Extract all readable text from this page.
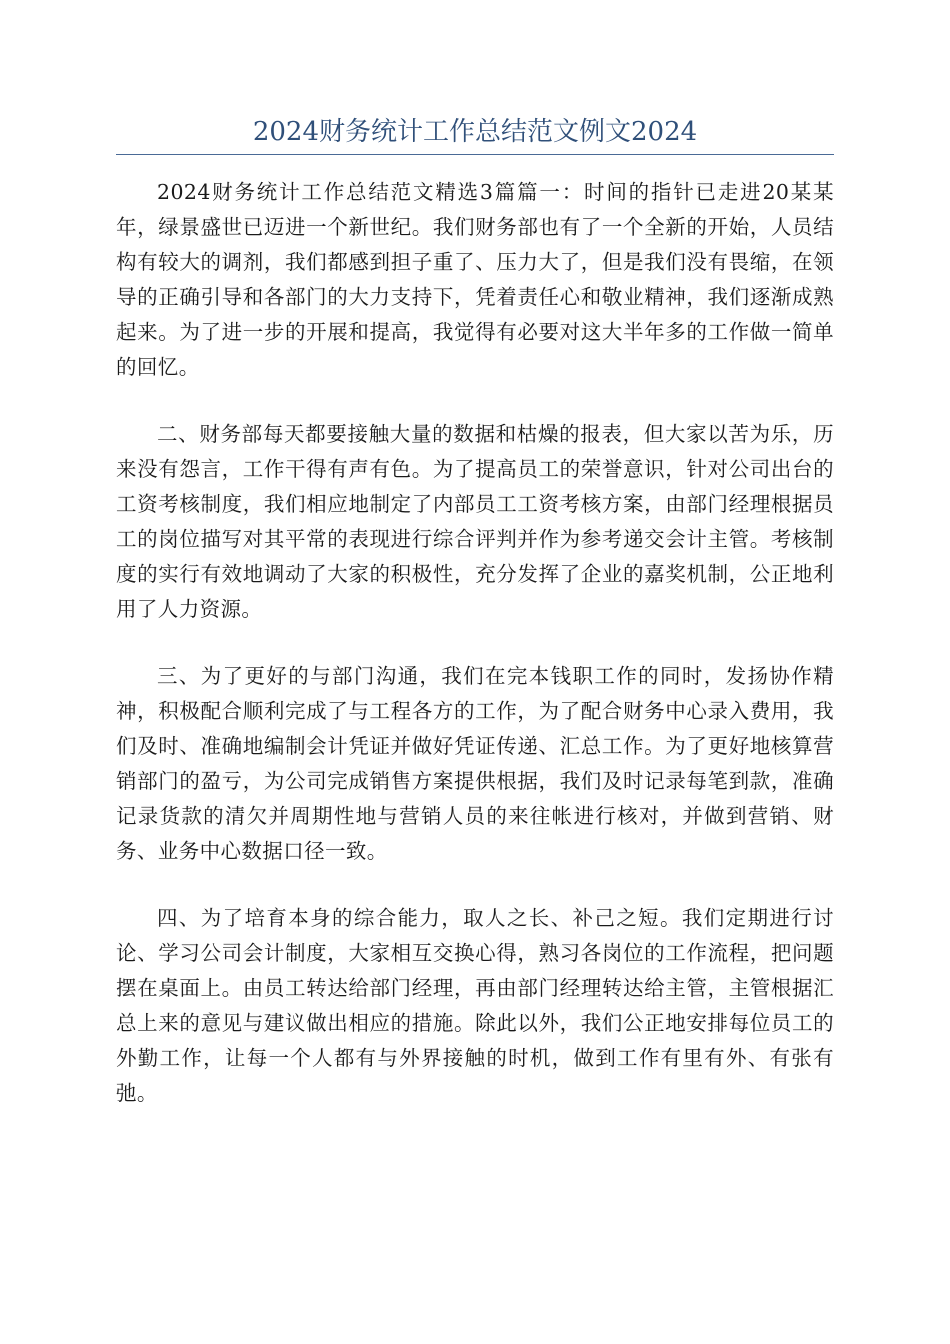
2024财务统计工作总结范文例文2024

2024财务统计工作总结范文精选3篇篇一：时间的指针已走进20某某年，绿景盛世已迈进一个新世纪。我们财务部也有了一个全新的开始，人员结构有较大的调剂，我们都感到担子重了、压力大了，但是我们没有畏缩，在领导的正确引导和各部门的大力支持下，凭着责任心和敬业精神，我们逐渐成熟起来。为了进一步的开展和提高，我觉得有必要对这大半年多的工作做一简单的回忆。

二、财务部每天都要接触大量的数据和枯燥的报表，但大家以苦为乐，历来没有怨言，工作干得有声有色。为了提高员工的荣誉意识，针对公司出台的工资考核制度，我们相应地制定了内部员工工资考核方案，由部门经理根据员工的岗位描写对其平常的表现进行综合评判并作为参考递交会计主管。考核制度的实行有效地调动了大家的积极性，充分发挥了企业的嘉奖机制，公正地利用了人力资源。

三、为了更好的与部门沟通，我们在完本钱职工作的同时，发扬协作精神，积极配合顺利完成了与工程各方的工作，为了配合财务中心录入费用，我们及时、准确地编制会计凭证并做好凭证传递、汇总工作。为了更好地核算营销部门的盈亏，为公司完成销售方案提供根据，我们及时记录每笔到款，准确记录货款的清欠并周期性地与营销人员的来往帐进行核对，并做到营销、财务、业务中心数据口径一致。

四、为了培育本身的综合能力，取人之长、补己之短。我们定期进行讨论、学习公司会计制度，大家相互交换心得，熟习各岗位的工作流程，把问题摆在桌面上。由员工转达给部门经理，再由部门经理转达给主管，主管根据汇总上来的意见与建议做出相应的措施。除此以外，我们公正地安排每位员工的外勤工作，让每一个人都有与外界接触的时机，做到工作有里有外、有张有弛。
